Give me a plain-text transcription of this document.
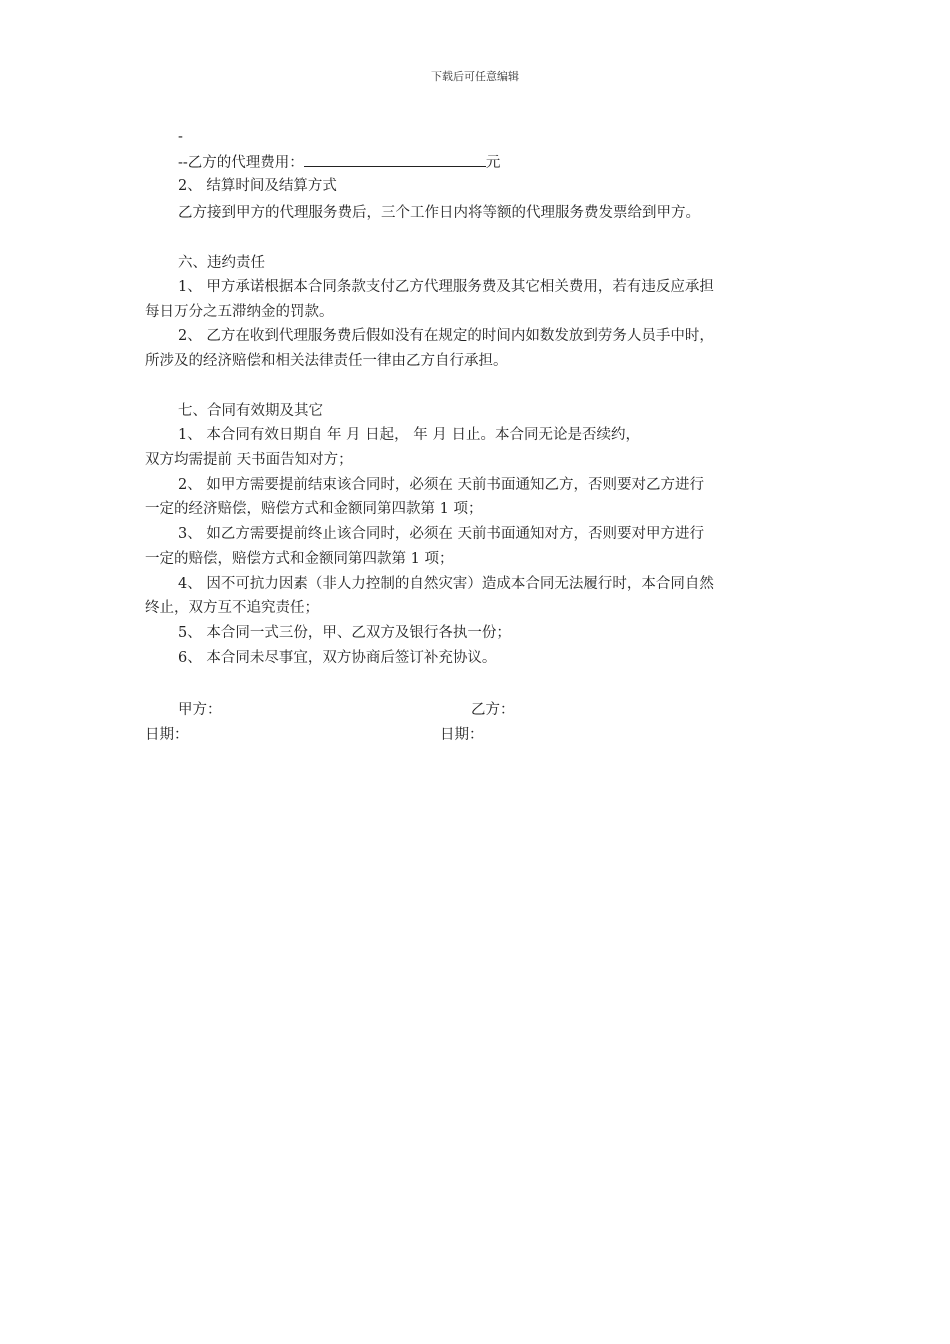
下载后可任意编辑
-
--乙方的代理费用：	元
2、 结算时间及结算方式
乙方接到甲方的代理服务费后，三个工作日内将等额的代理服务费发票给到甲方。
六、违约责任
1、 甲方承诺根据本合同条款支付乙方代理服务费及其它相关费用，若有违反应承担
每日万分之五滞纳金的罚款。
2、 乙方在收到代理服务费后假如没有在规定的时间内如数发放到劳务人员手中时，
所涉及的经济赔偿和相关法律责任一律由乙方自行承担。
七、合同有效期及其它
1、 本合同有效日期自 年 月 日起， 年 月 日止。本合同无论是否续约，
双方均需提前 天书面告知对方；
2、 如甲方需要提前结束该合同时，必须在 天前书面通知乙方，否则要对乙方进行
一定的经济赔偿，赔偿方式和金额同第四款第 1 项；
3、 如乙方需要提前终止该合同时，必须在 天前书面通知对方，否则要对甲方进行
一定的赔偿，赔偿方式和金额同第四款第 1 项；
4、 因不可抗力因素（非人力控制的自然灾害）造成本合同无法履行时，本合同自然
终止，双方互不追究责任；
5、 本合同一式三份，甲、乙双方及银行各执一份；
6、 本合同未尽事宜，双方协商后签订补充协议。
甲方：	乙方：
日期：	日期：
